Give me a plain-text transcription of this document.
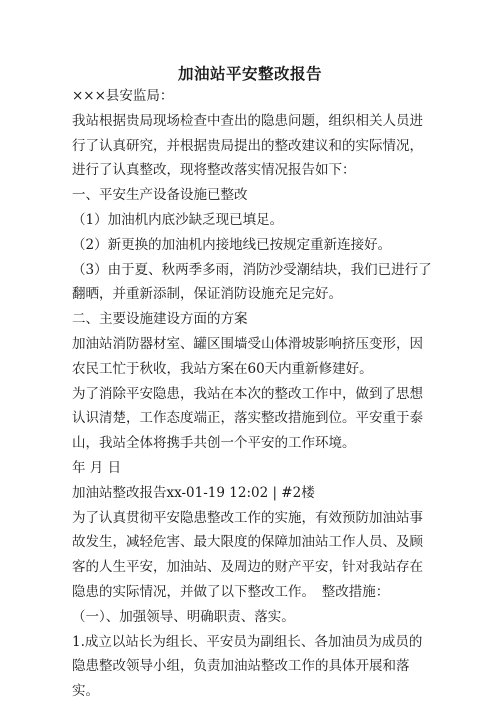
加油站平安整改报告

×××县安监局：

我站根据贵局现场检查中查出的隐患问题，组织相关人员进行了认真研究，并根据贵局提出的整改建议和的实际情况，进行了认真整改，现将整改落实情况报告如下：

一、平安生产设备设施已整改

（1）加油机内底沙缺乏现已填足。

（2）新更换的加油机内接地线已按规定重新连接好。

（3）由于夏、秋两季多雨，消防沙受潮结块，我们已进行了翻晒，并重新添制，保证消防设施充足完好。

二、主要设施建设方面的方案

加油站消防器材室、罐区围墙受山体滑坡影响挤压变形，因农民工忙于秋收，我站方案在60天内重新修建好。

为了消除平安隐患，我站在本次的整改工作中，做到了思想认识清楚，工作态度端正，落实整改措施到位。平安重于泰山，我站全体将携手共创一个平安的工作环境。

年 月 日

加油站整改报告xx-01-19 12:02 | #2楼

为了认真贯彻平安隐患整改工作的实施，有效预防加油站事故发生，减轻危害、最大限度的保障加油站工作人员、及顾客的人生平安，加油站、及周边的财产平安，针对我站存在隐患的实际情况，并做了以下整改工作。　整改措施：

（一）、加强领导、明确职责、落实。

1.成立以站长为组长、平安员为副组长、各加油员为成员的隐患整改领导小组，负责加油站整改工作的具体开展和落实。
